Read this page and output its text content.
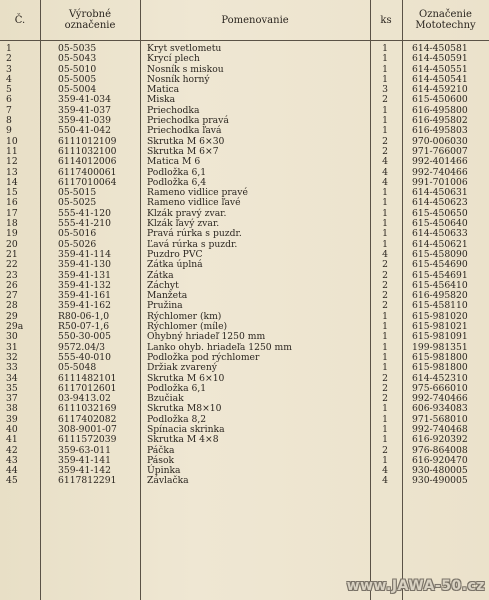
Č.	Výrobné
označenie	Pomenovanie	ks	Označenie
Mototechny
1	05-5035	Kryt svetlometu	1	614-450581
2	05-5043	Krycí plech	1	614-450591
3	05-5010	Nosník s miskou	1	614-450551
4	05-5005	Nosník horný	1	614-450541
5	05-5004	Matica	3	614-459210
6	359-41-034	Miska	2	615-450600
7	359-41-037	Priechodka	1	616-495800
8	359-41-039	Priechodka pravá	1	616-495802
9	550-41-042	Priechodka ľavá	1	616-495803
10	6111012109	Skrutka M 6×30	2	970-006030
11	6111032100	Skrutka M 6×7	2	971-766007
12	6114012006	Matica M 6	4	992-401466
13	6117400061	Podložka 6,1	4	992-740466
14	6117010064	Podložka 6,4	4	991-701006
15	05-5015	Rameno vidlice pravé	1	614-450631
16	05-5025	Rameno vidlice ľavé	1	614-450623
17	555-41-120	Klzák pravý zvar.	1	615-450650
18	555-41-210	Klzák ľavý zvar.	1	615-450640
19	05-5016	Pravá rúrka s puzdr.	1	614-450633
20	05-5026	Ľavá rúrka s puzdr.	1	614-450621
21	359-41-114	Puzdro PVC	4	615-458090
22	359-41-130	Zátka úplná	2	615-454690
23	359-41-131	Zátka	2	615-454691
26	359-41-132	Záchyt	2	615-456410
27	359-41-161	Manžeta	2	616-495820
28	359-41-162	Pružina	2	615-458110
29	R80-06-1,0	Rýchlomer (km)	1	615-981020
29a	R50-07-1,6	Rýchlomer (míle)	1	615-981021
30	550-30-005	Ohybný hriadeľ 1250 mm	1	615-981091
31	9572.04/3	Lanko ohyb. hriadeľa 1250 mm	1	199-981351
32	555-40-010	Podložka pod rýchlomer	1	615-981800
33	05-5048	Držiak zvarený	1	615-981800
34	6111482101	Skrutka M 6×10	2	614-452310
35	6117012601	Podložka 6,1	2	975-666010
37	03-9413.02	Bzučiak	2	992-740466
38	6111032169	Skrutka M8×10	1	606-934083
39	6117402082	Podložka 8,2	1	971-568010
40	308-9001-07	Spínacia skrinka	1	992-740468
41	6111572039	Skrutka M 4×8	1	616-920392
42	359-63-011	Páčka	2	976-864008
43	359-41-141	Pások	1	616-920470
44	359-41-142	Úpinka	4	930-480005
45	6117812291	Závlačka	4	930-490005
www.JAWA-50.cz
